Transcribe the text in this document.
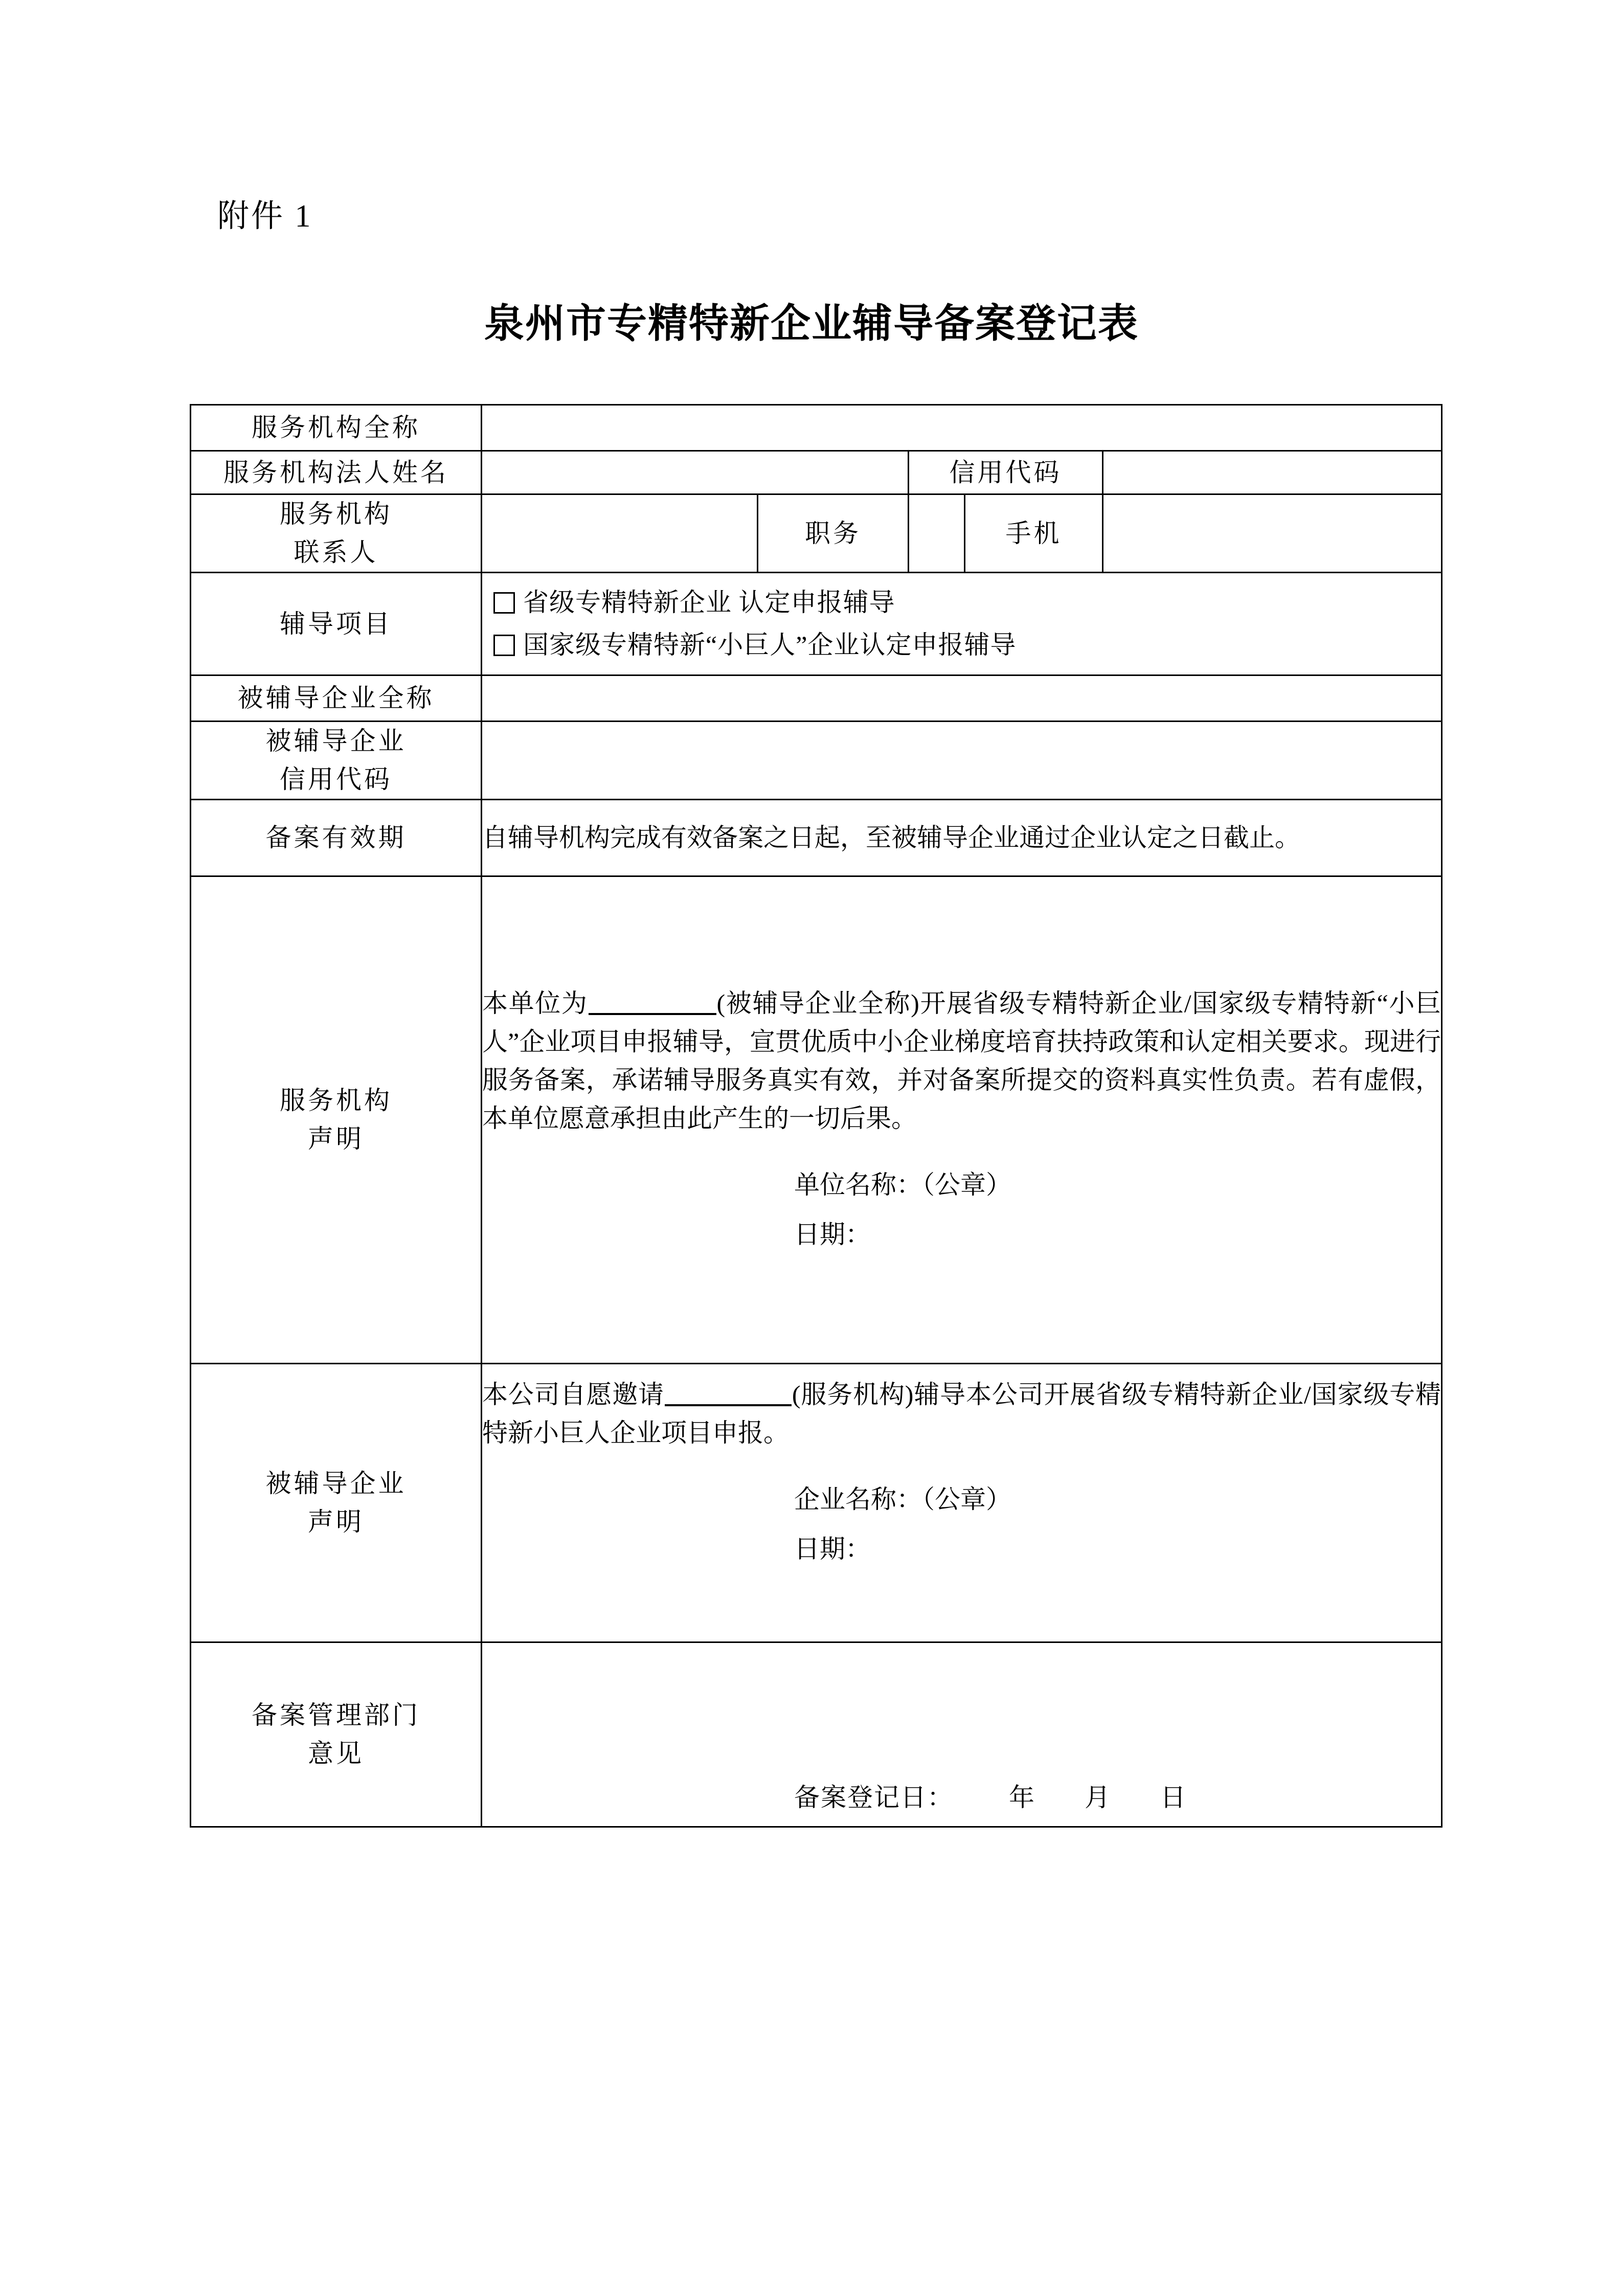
附件 1
泉州市专精特新企业辅导备案登记表
服务机构全称					
服务机构法人姓名			信用代码		

服务机构
联系人		职务		手机	
辅导项目	省级专精特新企业 认定申报辅导
国家级专精特新“小巨人”企业认定申报辅导				

被辅导企业全称					

被辅导企业
信用代码					

备案有效期	自辅导机构完成有效备案之日起，至被辅导企业通过企业认定之日截止。				

服务机构
声明

本单位为	(被辅导企业全称)开展省级专精特新企业/国家级专精特新“小巨人”企业项目申报辅导，宣贯优质中小企业梯度培育扶持政策和认定相关要求。现进行服务备案，承诺辅导服务真实有效，并对备案所提交的资料真实性负责。若有虚假，本单位愿意承担由此产生的一切后果。

单位名称：（公章）
日期：

被辅导企业
声明

本公司自愿邀请	(服务机构)辅导本公司开展省级专精特新企业/国家级专精特新小巨人企业项目申报。

企业名称：（公章）
日期：

备案管理部门
意见	备案登记日： 年 月 日				
